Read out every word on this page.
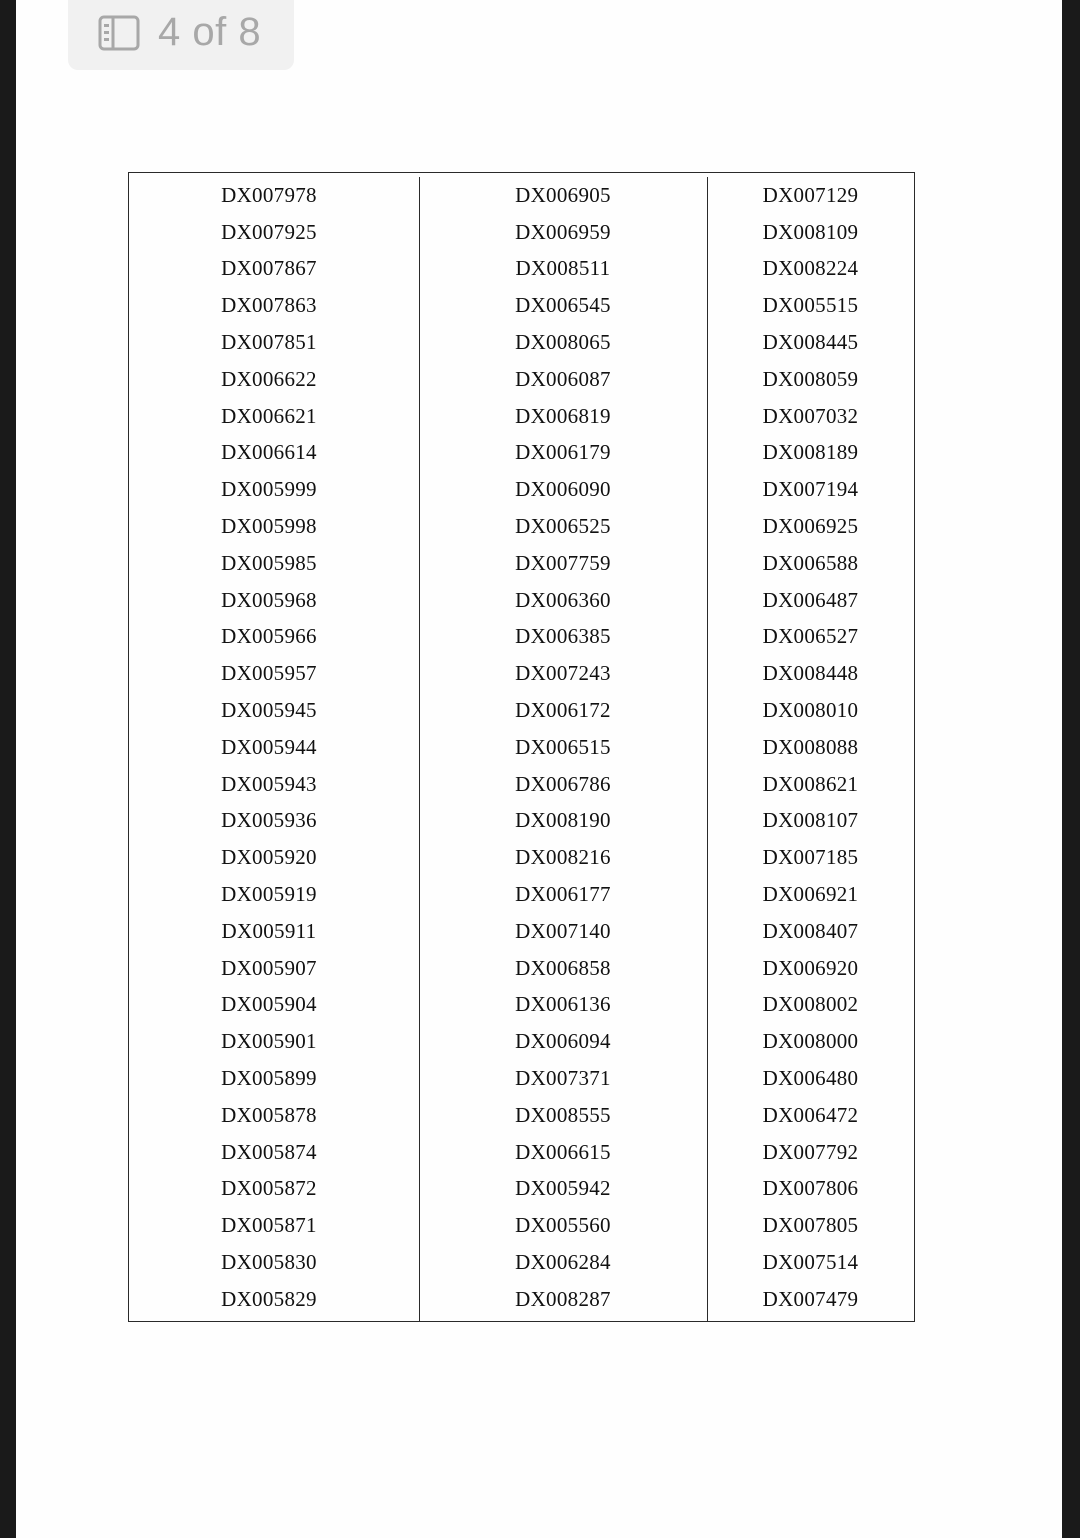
4 of 8
DX007978
DX007925
DX007867
DX007863
DX007851
DX006622
DX006621
DX006614
DX005999
DX005998
DX005985
DX005968
DX005966
DX005957
DX005945
DX005944
DX005943
DX005936
DX005920
DX005919
DX005911
DX005907
DX005904
DX005901
DX005899
DX005878
DX005874
DX005872
DX005871
DX005830
DX005829
DX006905
DX006959
DX008511
DX006545
DX008065
DX006087
DX006819
DX006179
DX006090
DX006525
DX007759
DX006360
DX006385
DX007243
DX006172
DX006515
DX006786
DX008190
DX008216
DX006177
DX007140
DX006858
DX006136
DX006094
DX007371
DX008555
DX006615
DX005942
DX005560
DX006284
DX008287
DX007129
DX008109
DX008224
DX005515
DX008445
DX008059
DX007032
DX008189
DX007194
DX006925
DX006588
DX006487
DX006527
DX008448
DX008010
DX008088
DX008621
DX008107
DX007185
DX006921
DX008407
DX006920
DX008002
DX008000
DX006480
DX006472
DX007792
DX007806
DX007805
DX007514
DX007479
